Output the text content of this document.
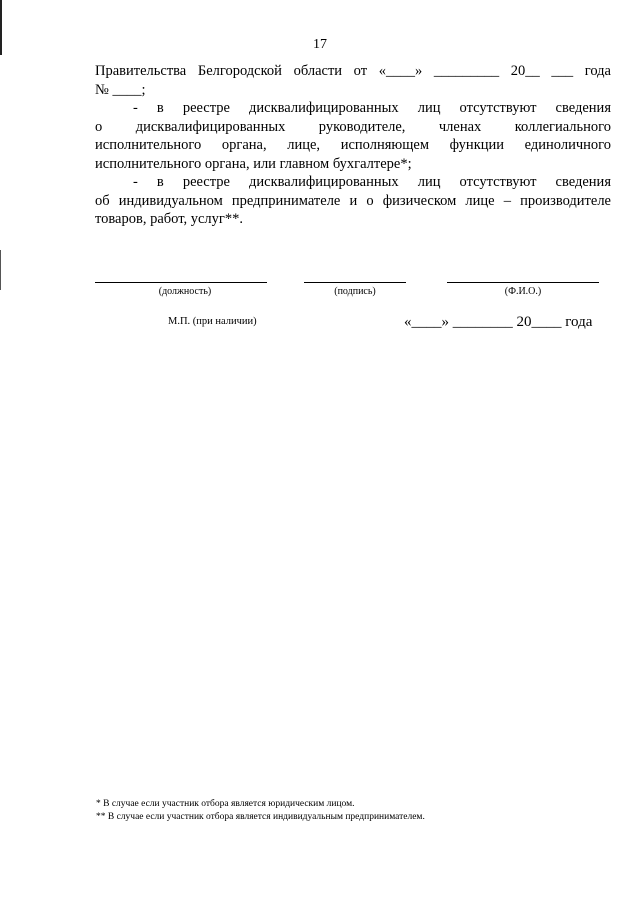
17
Правительства Белгородской области от «____» _________ 20__ ___ года
№ ____;
- в реестре дисквалифицированных лиц отсутствуют сведения
о дисквалифицированных руководителе, членах коллегиального
исполнительного органа, лице, исполняющем функции единоличного
исполнительного органа, или главном бухгалтере*;
- в реестре дисквалифицированных лиц отсутствуют сведения
об индивидуальном предпринимателе и о физическом лице – производителе
товаров, работ, услуг**.
(должность)	(подпись)	(Ф.И.О.)
М.П. (при наличии)	«____» ________ 20____ года
* В случае если участник отбора является юридическим лицом.
** В случае если участник отбора является индивидуальным предпринимателем.
